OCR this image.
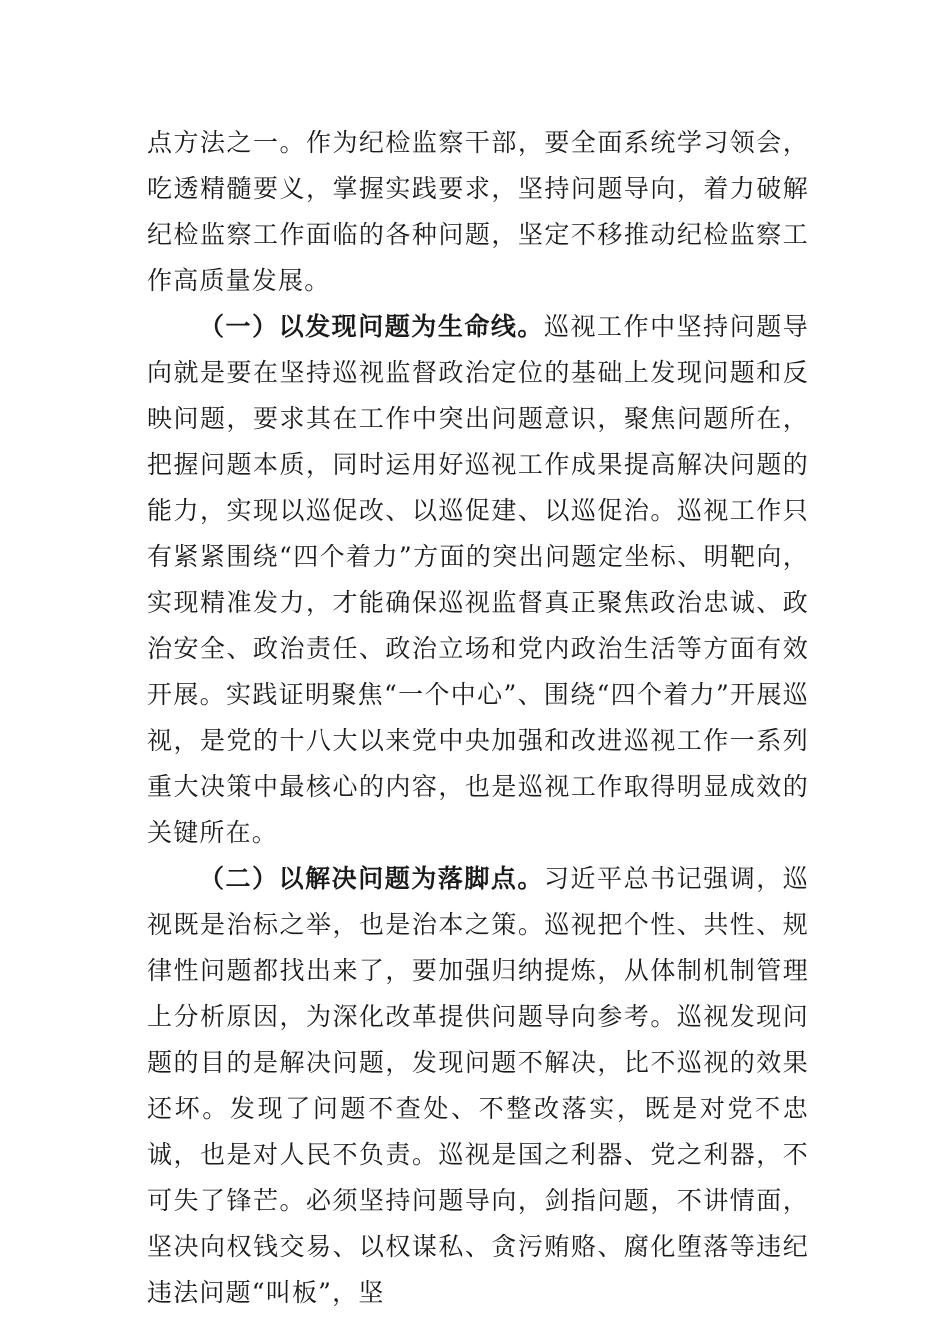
点方法之一。作为纪检监察干部，要全面系统学习领会，吃透精髓要义，掌握实践要求，坚持问题导向，着力破解纪检监察工作面临的各种问题，坚定不移推动纪检监察工作高质量发展。

（一）以发现问题为生命线。巡视工作中坚持问题导向就是要在坚持巡视监督政治定位的基础上发现问题和反映问题，要求其在工作中突出问题意识，聚焦问题所在，把握问题本质，同时运用好巡视工作成果提高解决问题的能力，实现以巡促改、以巡促建、以巡促治。巡视工作只有紧紧围绕“四个着力”方面的突出问题定坐标、明靶向，实现精准发力，才能确保巡视监督真正聚焦政治忠诚、政治安全、政治责任、政治立场和党内政治生活等方面有效开展。实践证明聚焦“一个中心”、围绕“四个着力”开展巡视，是党的十八大以来党中央加强和改进巡视工作一系列重大决策中最核心的内容，也是巡视工作取得明显成效的关键所在。

（二）以解决问题为落脚点。习近平总书记强调，巡视既是治标之举，也是治本之策。巡视把个性、共性、规律性问题都找出来了，要加强归纳提炼，从体制机制管理上分析原因，为深化改革提供问题导向参考。巡视发现问题的目的是解决问题，发现问题不解决，比不巡视的效果还坏。发现了问题不查处、不整改落实，既是对党不忠诚，也是对人民不负责。巡视是国之利器、党之利器，不可失了锋芒。必须坚持问题导向，剑指问题，不讲情面，坚决向权钱交易、以权谋私、贪污贿赂、腐化堕落等违纪违法问题“叫板”，坚
